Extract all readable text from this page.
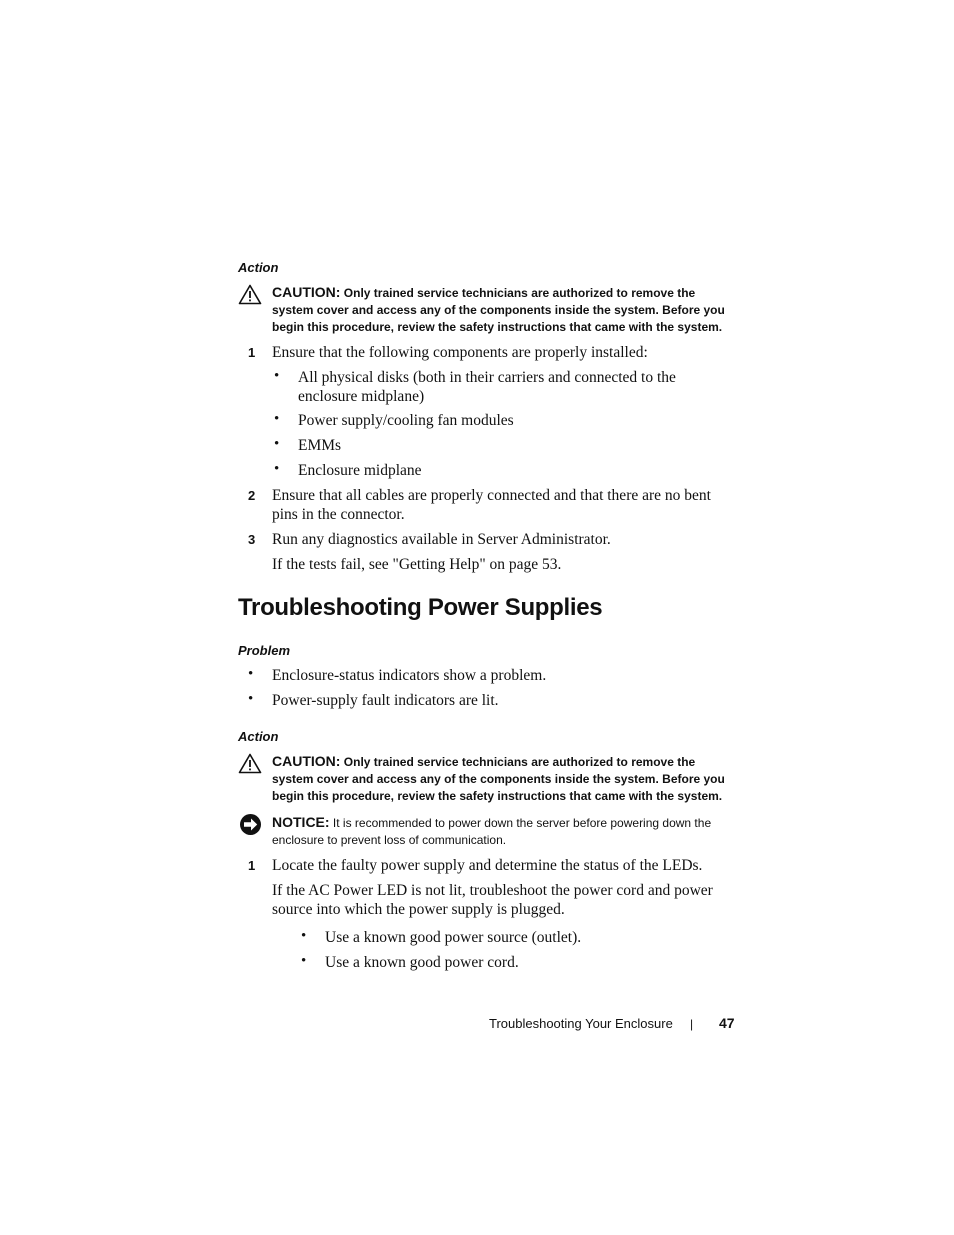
Action
CAUTION: Only trained service technicians are authorized to remove the system cover and access any of the components inside the system. Before you begin this procedure, review the safety instructions that came with the system.
1 Ensure that the following components are properly installed:
• All physical disks (both in their carriers and connected to the enclosure midplane)
• Power supply/cooling fan modules
• EMMs
• Enclosure midplane
2 Ensure that all cables are properly connected and that there are no bent pins in the connector.
3 Run any diagnostics available in Server Administrator.
If the tests fail, see "Getting Help" on page 53.
Troubleshooting Power Supplies
Problem
• Enclosure-status indicators show a problem.
• Power-supply fault indicators are lit.
Action
CAUTION: Only trained service technicians are authorized to remove the system cover and access any of the components inside the system. Before you begin this procedure, review the safety instructions that came with the system.
NOTICE: It is recommended to power down the server before powering down the enclosure to prevent loss of communication.
1 Locate the faulty power supply and determine the status of the LEDs.
If the AC Power LED is not lit, troubleshoot the power cord and power source into which the power supply is plugged.
• Use a known good power source (outlet).
• Use a known good power cord.
Troubleshooting Your Enclosure | 47
